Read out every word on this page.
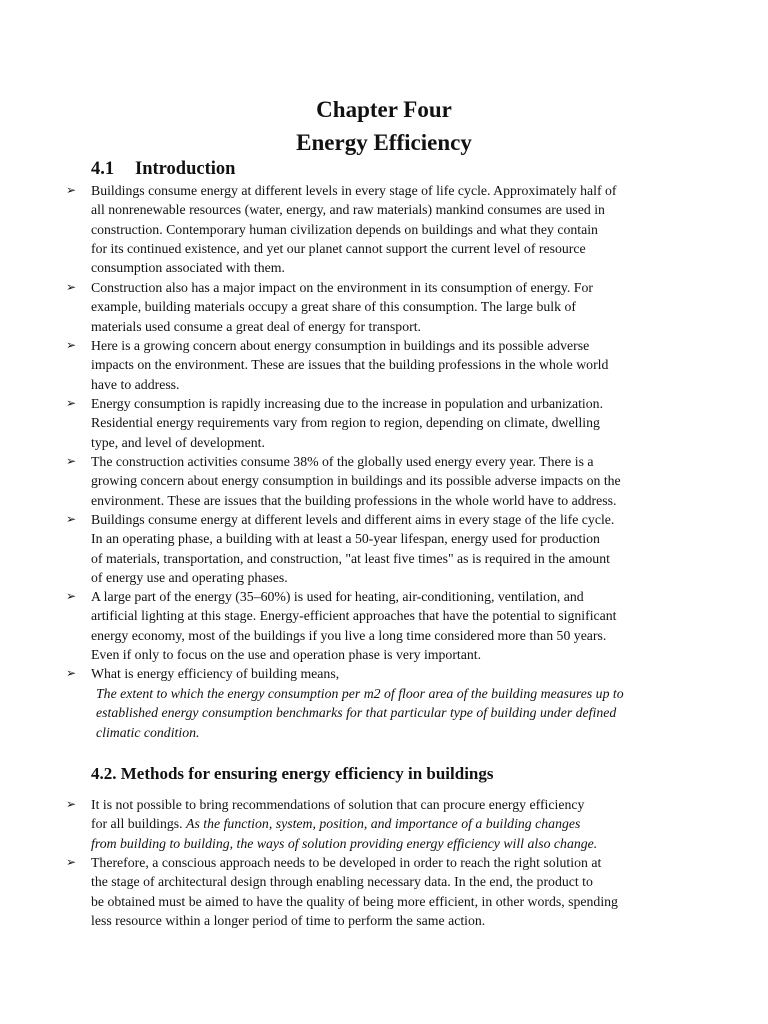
Chapter Four
Energy Efficiency
4.1 Introduction
➢	Buildings consume energy at different levels in every stage of life cycle. Approximately half of
all nonrenewable resources (water, energy, and raw materials) mankind consumes are used in
construction. Contemporary human civilization depends on buildings and what they contain
for its continued existence, and yet our planet cannot support the current level of resource
consumption associated with them.
➢	Construction also has a major impact on the environment in its consumption of energy. For
example, building materials occupy a great share of this consumption. The large bulk of
materials used consume a great deal of energy for transport.
➢	Here is a growing concern about energy consumption in buildings and its possible adverse
impacts on the environment. These are issues that the building professions in the whole world
have to address.
➢	Energy consumption is rapidly increasing due to the increase in population and urbanization.
Residential energy requirements vary from region to region, depending on climate, dwelling
type, and level of development.
➢	The construction activities consume 38% of the globally used energy every year. There is a
growing concern about energy consumption in buildings and its possible adverse impacts on the
environment. These are issues that the building professions in the whole world have to address.
➢	Buildings consume energy at different levels and different aims in every stage of the life cycle.
In an operating phase, a building with at least a 50-year lifespan, energy used for production
of materials, transportation, and construction, "at least five times" as is required in the amount
of energy use and operating phases.
➢	A large part of the energy (35–60%) is used for heating, air-conditioning, ventilation, and
artificial lighting at this stage. Energy-efficient approaches that have the potential to significant
energy economy, most of the buildings if you live a long time considered more than 50 years.
Even if only to focus on the use and operation phase is very important.
➢	What is energy efficiency of building means,
The extent to which the energy consumption per m2 of floor area of the building measures up to
established energy consumption benchmarks for that particular type of building under defined
climatic condition.
4.2. Methods for ensuring energy efficiency in buildings
➢	It is not possible to bring recommendations of solution that can procure energy efficiency
for all buildings. As the function, system, position, and importance of a building changes
from building to building, the ways of solution providing energy efficiency will also change.
➢	Therefore, a conscious approach needs to be developed in order to reach the right solution at
the stage of architectural design through enabling necessary data. In the end, the product to
be obtained must be aimed to have the quality of being more efficient, in other words, spending
less resource within a longer period of time to perform the same action.
